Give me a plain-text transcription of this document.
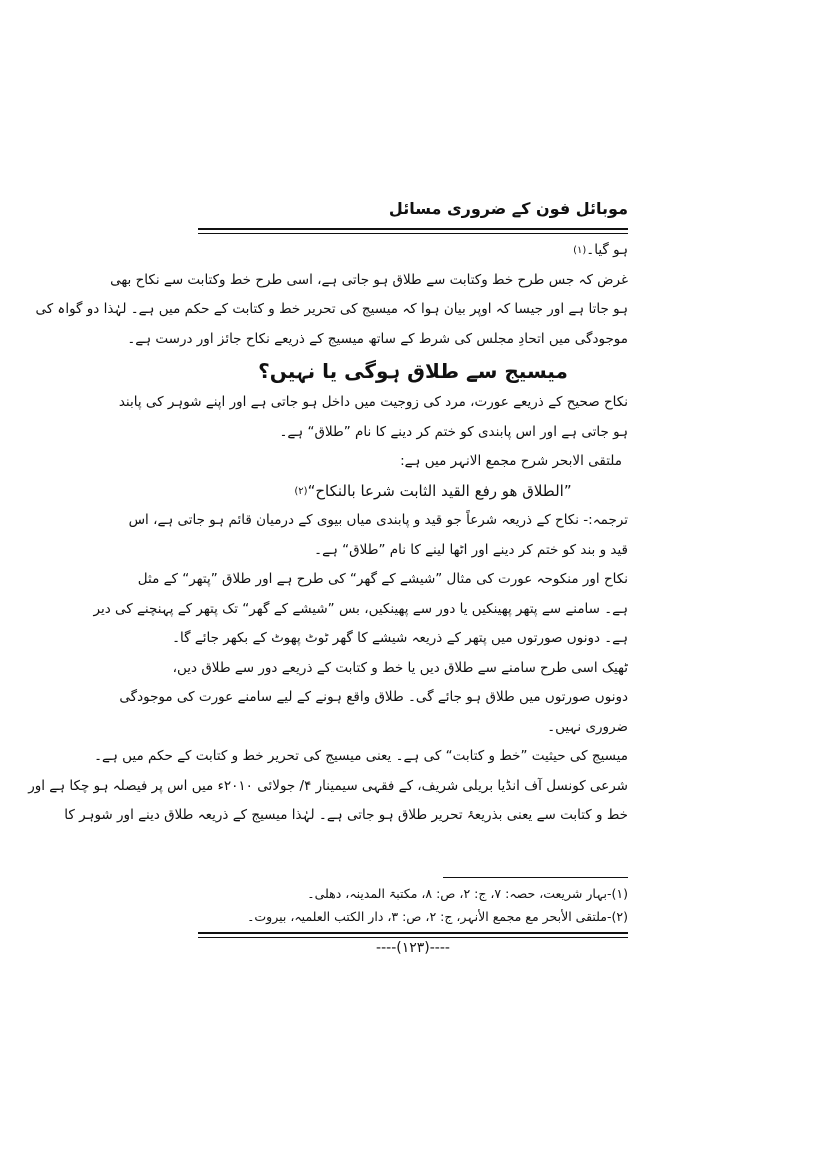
موبائل فون کے ضروری مسائل
ہو گیا۔$^{(۱)}$
غرض کہ جس طرح خط وکتابت سے طلاق ہو جاتی ہے، اسی طرح خط وکتابت سے نکاح بھی
ہو جاتا ہے اور جیسا کہ اوپر بیان ہوا کہ میسیج کی تحریر خط و کتابت کے حکم میں ہے۔ لہٰذا دو گواہ کی
موجودگی میں اتحادِ مجلس کی شرط کے ساتھ میسیج کے ذریعے نکاح جائز اور درست ہے۔
میسیج سے طلاق ہوگی یا نہیں؟
نکاح صحیح کے ذریعے عورت، مرد کی زوجیت میں داخل ہو جاتی ہے اور اپنے شوہر کی پابند
ہو جاتی ہے اور اس پابندی کو ختم کر دینے کا نام ”طلاق“ ہے۔
ملتقی الابحر شرح مجمع الانہر میں ہے:
”الطلاق هو رفع القيد الثابت شرعا بالنكاح“$^{(۲)}$
ترجمہ:- نکاح کے ذریعہ شرعاً جو قید و پابندی میاں بیوی کے درمیان قائم ہو جاتی ہے، اس
قید و بند کو ختم کر دینے اور اٹھا لینے کا نام ”طلاق“ ہے۔
نکاح اور منکوحہ عورت کی مثال ”شیشے کے گھر“ کی طرح ہے اور طلاق ”پتھر“ کے مثل
ہے۔ سامنے سے پتھر پھینکیں یا دور سے پھینکیں، بس ”شیشے کے گھر“ تک پتھر کے پہنچنے کی دیر
ہے۔ دونوں صورتوں میں پتھر کے ذریعہ شیشے کا گھر ٹوٹ پھوٹ کے بکھر جائے گا۔
ٹھیک اسی طرح سامنے سے طلاق دیں یا خط و کتابت کے ذریعے دور سے طلاق دیں،
دونوں صورتوں میں طلاق ہو جائے گی۔ طلاق واقع ہونے کے لیے سامنے عورت کی موجودگی
ضروری نہیں۔
میسیج کی حیثیت ”خط و کتابت“ کی ہے۔ یعنی میسیج کی تحریر خط و کتابت کے حکم میں ہے۔
شرعی کونسل آف انڈیا بریلی شریف، کے فقہی سیمینار ۴/ جولائی ۲۰۱۰ء میں اس پر فیصلہ ہو چکا ہے اور
خط و کتابت سے یعنی بذریعۂ تحریر طلاق ہو جاتی ہے۔ لہٰذا میسیج کے ذریعہ طلاق دینے اور شوہر کا
(۱)-بہار شریعت، حصہ: ۷، ج: ۲، ص: ۸، مکتبۃ المدینہ، دھلی۔
(۲)-ملتقی الأبحر مع مجمع الأنہر، ج: ۲، ص: ۳، دار الکتب العلمیہ، بیروت۔
----(۱۲۳)----
